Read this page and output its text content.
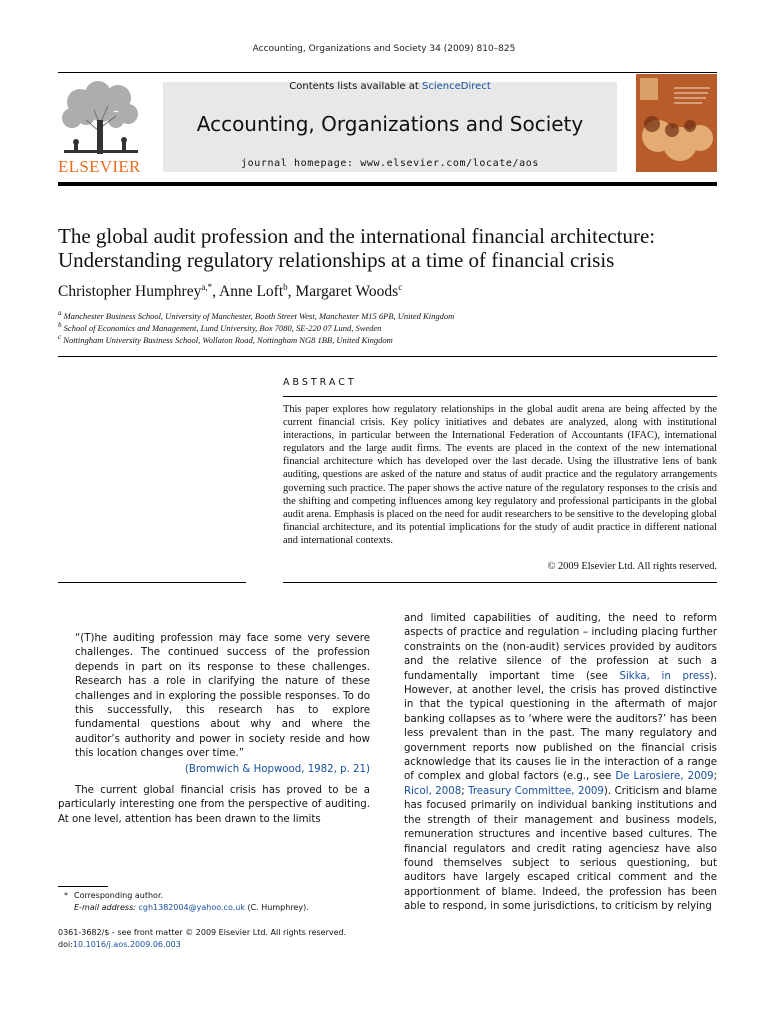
Accounting, Organizations and Society 34 (2009) 810–825
ELSEVIER
Contents lists available at ScienceDirect
Accounting, Organizations and Society
journal homepage: www.elsevier.com/locate/aos
The global audit profession and the international financial architecture:
Understanding regulatory relationships at a time of financial crisis
Christopher Humphrey$^{a,*}$, Anne Loft$^b$, Margaret Woods$^c$
$^a$ Manchester Business School, University of Manchester, Booth Street West, Manchester M15 6PB, United Kingdom
$^b$ School of Economics and Management, Lund University, Box 7080, SE-220 07 Lund, Sweden
$^c$ Nottingham University Business School, Wollaton Road, Nottingham NG8 1BB, United Kingdom
ABSTRACT
This paper explores how regulatory relationships in the global audit arena are being affected by the current financial crisis. Key policy initiatives and debates are analyzed, along with institutional interactions, in particular between the International Federation of Accountants (IFAC), international regulators and the large audit firms. The events are placed in the context of the new international financial architecture which has developed over the last decade. Using the illustrative lens of bank auditing, questions are asked of the nature and status of audit practice and the regulatory arrangements governing such practice. The paper shows the active nature of the regulatory responses to the crisis and the shifting and competing influences among key regulatory and professional participants in the global audit arena. Emphasis is placed on the need for audit researchers to be sensitive to the developing global financial architecture, and its potential implications for the study of audit practice in different national and international contexts.
© 2009 Elsevier Ltd. All rights reserved.
“(T)he auditing profession may face some very severe challenges. The continued success of the profession depends in part on its response to these challenges. Research has a role in clarifying the nature of these challenges and in exploring the possible responses. To do this successfully, this research has to explore fundamental questions about why and where the auditor’s authority and power in society reside and how this location changes over time.”
(Bromwich & Hopwood, 1982, p. 21)
The current global financial crisis has proved to be a particularly interesting one from the perspective of auditing. At one level, attention has been drawn to the limits
and limited capabilities of auditing, the need to reform aspects of practice and regulation – including placing further constraints on the (non-audit) services provided by auditors and the relative silence of the profession at such a fundamentally important time (see Sikka, in press). However, at another level, the crisis has proved distinctive in that the typical questioning in the aftermath of major banking collapses as to ‘where were the auditors?’ has been less prevalent than in the past. The many regulatory and government reports now published on the financial crisis acknowledge that its causes lie in the interaction of a range of complex and global factors (e.g., see De Larosiere, 2009; Ricol, 2008; Treasury Committee, 2009). Criticism and blame has focused primarily on individual banking institutions and the strength of their management and business models, remuneration structures and incentive based cultures. The financial regulators and credit rating agenciesz have also found themselves subject to serious questioning, but auditors have largely escaped critical comment and the apportionment of blame. Indeed, the profession has been able to respond, in some jurisdictions, to criticism by relying
* Corresponding author.
E-mail address: cgh1382004@yahoo.co.uk (C. Humphrey).
0361-3682/$ - see front matter © 2009 Elsevier Ltd. All rights reserved.
doi:10.1016/j.aos.2009.06.003
